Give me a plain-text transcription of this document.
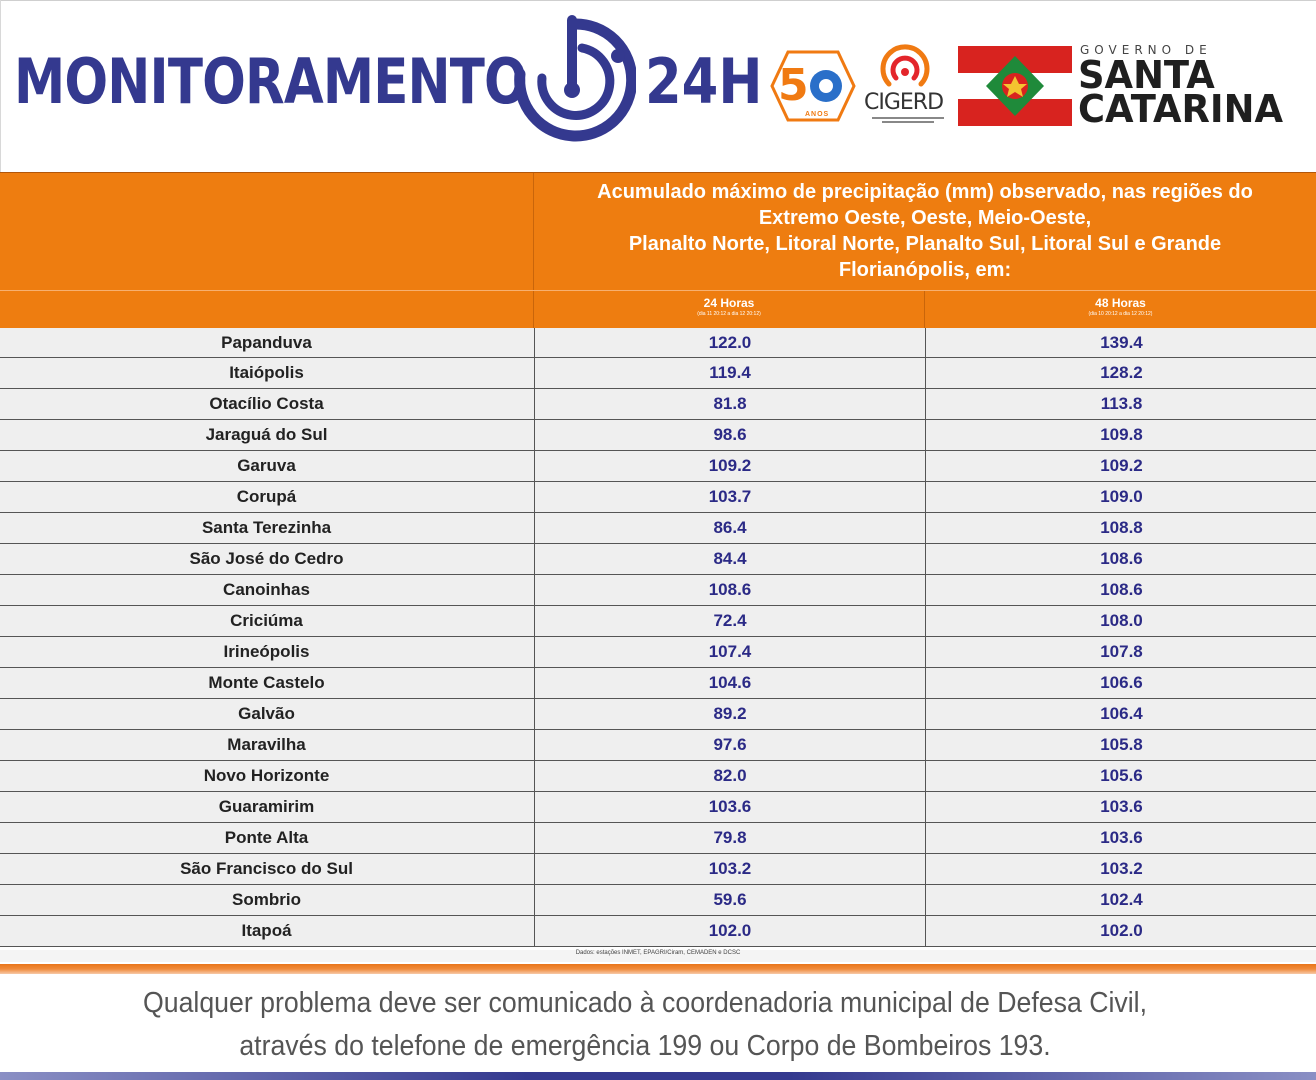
MONITORAMENTO 24H 5
ANOS CIGERD
GOVERNO DE
SANTA
CATARINA
Acumulado máximo de precipitação (mm) observado, nas regiões do
Extremo Oeste, Oeste, Meio-Oeste,
Planalto Norte, Litoral Norte, Planalto Sul, Litoral Sul e Grande
Florianópolis, em:
24 Horas
(dia 11 20:12 a dia 12 20:12)
48 Horas
(dia 10 20:12 a dia 12 20:12)
Papanduva	122.0	139.4
Itaiópolis	119.4	128.2
Otacílio Costa	81.8	113.8
Jaraguá do Sul	98.6	109.8
Garuva	109.2	109.2
Corupá	103.7	109.0
Santa Terezinha	86.4	108.8
São José do Cedro	84.4	108.6
Canoinhas	108.6	108.6
Criciúma	72.4	108.0
Irineópolis	107.4	107.8
Monte Castelo	104.6	106.6
Galvão	89.2	106.4
Maravilha	97.6	105.8
Novo Horizonte	82.0	105.6
Guaramirim	103.6	103.6
Ponte Alta	79.8	103.6
São Francisco do Sul	103.2	103.2
Sombrio	59.6	102.4
Itapoá	102.0	102.0
Dados: estações INMET, EPAGRI/Ciram, CEMADEN e DCSC
Qualquer problema deve ser comunicado à coordenadoria municipal de Defesa Civil,
através do telefone de emergência 199 ou Corpo de Bombeiros 193.
